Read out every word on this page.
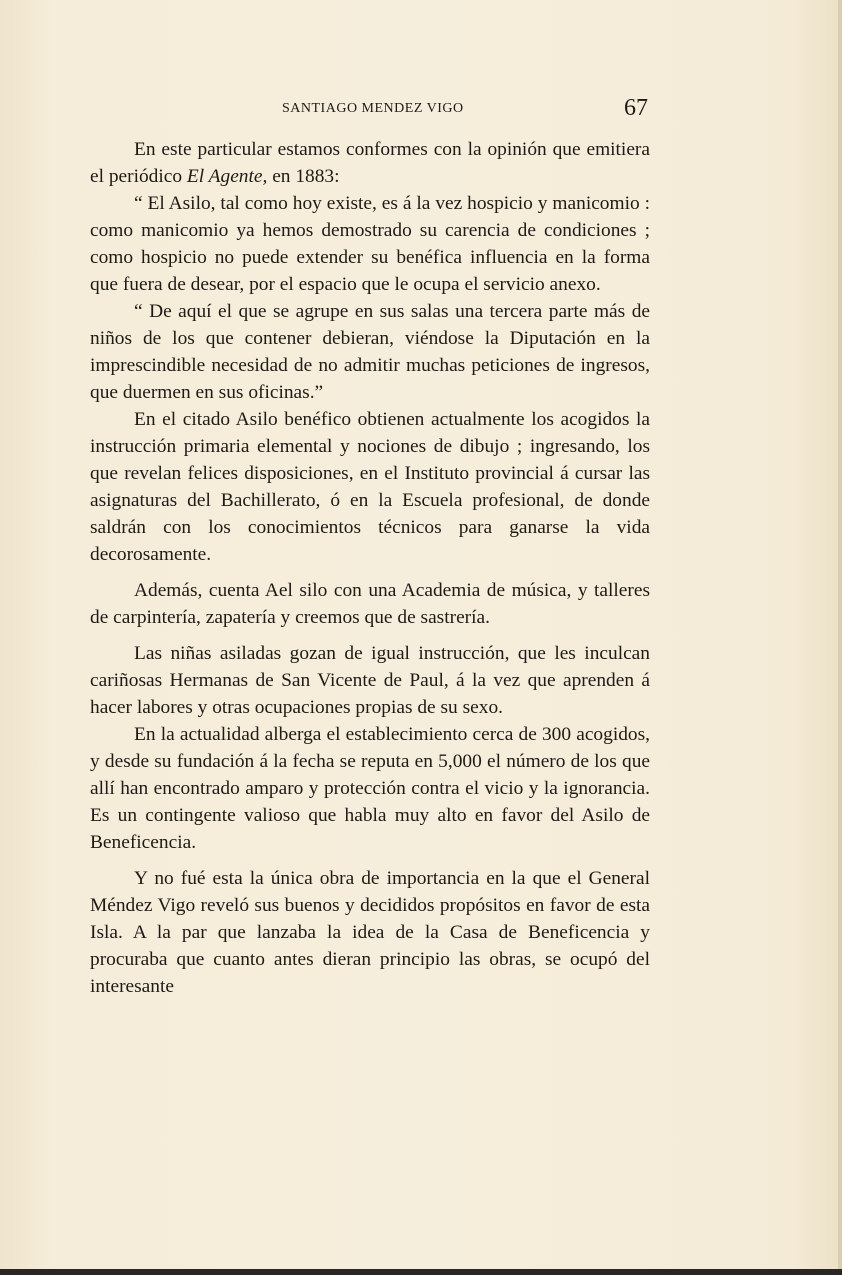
SANTIAGO MENDEZ VIGO	67

En este particular estamos conformes con la opinión que emitiera el periódico El Agente, en 1883:

“ El Asilo, tal como hoy existe, es á la vez hospicio y manicomio : como manicomio ya hemos demostrado su carencia de condiciones ; como hospicio no puede extender su benéfica influencia en la forma que fuera de desear, por el espacio que le ocupa el servicio anexo.

“ De aquí el que se agrupe en sus salas una tercera parte más de niños de los que contener debieran, viéndose la Diputación en la imprescindible necesidad de no admitir muchas peticiones de ingresos, que duermen en sus oficinas.”

En el citado Asilo benéfico obtienen actualmente los acogidos la instrucción primaria elemental y nociones de dibujo ; ingresando, los que revelan felices disposiciones, en el Instituto provincial á cursar las asignaturas del Bachillerato, ó en la Escuela profesional, de donde saldrán con los conocimientos técnicos para ganarse la vida decorosamente.

Además, cuenta Ael silo con una Academia de música, y talleres de carpintería, zapatería y creemos que de sastrería.

Las niñas asiladas gozan de igual instrucción, que les inculcan cariñosas Hermanas de San Vicente de Paul, á la vez que aprenden á hacer labores y otras ocupaciones propias de su sexo.

En la actualidad alberga el establecimiento cerca de 300 acogidos, y desde su fundación á la fecha se reputa en 5,000 el número de los que allí han encontrado amparo y protección contra el vicio y la ignorancia. Es un contingente valioso que habla muy alto en favor del Asilo de Beneficencia.

Y no fué esta la única obra de importancia en la que el General Méndez Vigo reveló sus buenos y decididos propósitos en favor de esta Isla. A la par que lanzaba la idea de la Casa de Beneficencia y procuraba que cuanto antes dieran principio las obras, se ocupó del interesante
